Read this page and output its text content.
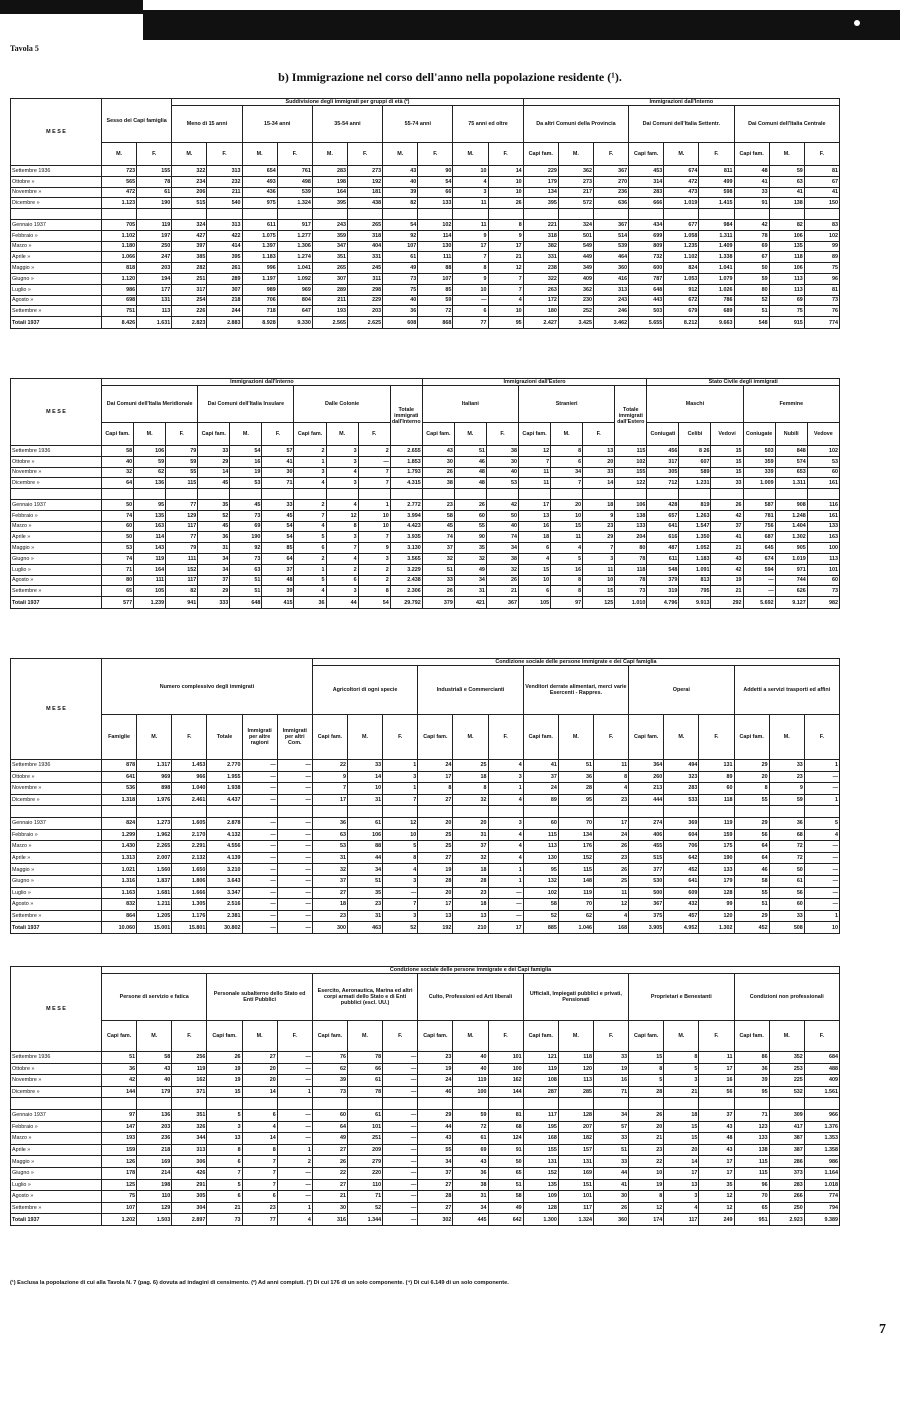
Tavola 5
b) Immigrazione nel corso dell'anno nella popolazione residente (¹).
M E S E	Sesso dei Capi famiglia		Suddivisione degli immigrati per gruppi di età (²)										Immigrazioni dall'Interno								
			Meno di 15 anni		15-34 anni		35-54 anni		55-74 anni		75 anni ed oltre		Da altri Comuni della Provincia			Dai Comuni dell'Italia Settentr.			Dai Comuni dell'Italia Centrale		
	M.	F.	M.	F.	M.	F.	M.	F.	M.	F.	M.	F.	Capi fam.	M.	F.	Capi fam.	M.	F.	Capi fam.	M.	F.
Settembre 1936	723	155	322	313	654	761	283	273	43	90	10	14	229	362	367	453	674	811	48	59	81
Ottobre »	565	78	234	232	493	498	198	192	40	54	4	10	179	273	270	314	472	499	41	63	67
Novembre »	472	61	206	211	436	539	164	181	39	66	3	10	134	217	236	283	473	598	33	41	41
Dicembre »	1.123	190	515	540	975	1.324	395	438	82	133	11	26	395	572	636	666	1.019	1.415	91	138	150

Gennaio 1937	705	119	324	313	611	917	243	265	54	102	11	8	221	324	367	434	677	984	42	82	83
Febbraio »	1.102	197	427	422	1.075	1.277	359	318	92	114	9	9	318	501	514	699	1.058	1.311	78	106	102
Marzo »	1.180	250	397	414	1.397	1.306	347	404	107	130	17	17	382	549	539	809	1.235	1.409	69	135	99
Aprile »	1.066	247	385	395	1.183	1.274	351	331	61	111	7	21	331	449	464	732	1.102	1.338	67	118	89
Maggio »	818	203	282	261	996	1.041	265	245	49	88	8	12	238	349	360	600	824	1.041	50	106	75
Giugno »	1.120	194	251	289	1.197	1.092	307	311	73	107	9	7	322	409	416	787	1.053	1.079	59	113	96
Luglio »	986	177	317	307	989	969	289	298	75	85	10	7	263	362	313	648	912	1.026	80	113	81
Agosto »	698	131	254	218	706	804	211	229	40	59	—	4	172	230	243	443	672	786	52	69	73
Settembre »	751	113	226	244	718	647	193	203	36	72	6	10	180	252	246	503	679	689	51	75	76
Totali 1937	8.426	1.631	2.823	2.883	8.928	9.330	2.565	2.625	608	868	77	95	2.427	3.425	3.462	5.655	8.212	9.663	548	915	774
M E S E	Immigrazioni dall'Interno										Immigrazioni dall'Estero							Stato Civile degli immigrati					
	Dai Comuni dell'Italia Meridionale			Dai Comuni dell'Italia Insulare			Dalle Colonie			Totale immigrati dall'Interno	Italiani			Stranieri			Totale immigrati dall'Estero	Maschi			Femmine		
	Capi fam.	M.	F.	Capi fam.	M.	F.	Capi fam.	M.	F.		Capi fam.	M.	F.	Capi fam.	M.	F.		Coniugati	Celibi	Vedovi	Coniugate	Nubili	Vedove
Settembre 1936	58	106	79	33	54	57	2	3	2	2.655	43	51	38	12	8	13	115	456	8 26	15	503	848	102
Ottobre »	40	59	59	29	16	41	1	3	—	1.853	30	46	30	7	6	20	102	317	607	15	359	574	53
Novembre »	32	62	55	14	19	30	3	4	7	1.793	26	48	40	11	34	33	155	305	589	15	339	653	60
Dicembre »	64	136	115	45	53	71	4	3	7	4.315	38	48	53	11	7	14	122	712	1.231	33	1.009	1.311	161

Gennaio 1937	50	95	77	35	45	33	2	4	1	2.772	23	26	42	17	20	18	106	428	819	26	587	908	116
Febbraio »	74	135	129	52	73	45	7	12	10	3.994	58	60	50	13	10	9	138	657	1.263	42	781	1.248	161
Marzo »	60	163	117	45	69	54	4	8	10	4.423	45	55	40	16	15	23	133	641	1.547	37	756	1.404	133
Aprile »	50	114	77	36	190	54	5	3	7	3.935	74	90	74	18	11	29	204	616	1.350	41	687	1.302	163
Maggio »	53	143	79	31	92	85	6	7	9	3.130	37	35	34	6	4	7	80	487	1.052	21	645	905	100
Giugno »	74	119	111	34	73	64	2	4	3	3.565	32	32	38	4	5	3	78	611	1.183	43	674	1.019	113
Luglio »	71	164	152	34	63	37	1	2	2	3.229	51	49	32	15	16	11	118	548	1.091	42	594	971	101
Agosto »	80	111	117	37	51	48	5	6	2	2.438	33	34	26	10	8	10	78	379	813	19	—	744	60
Settembre »	65	105	82	29	51	39	4	3	8	2.306	26	31	21	6	8	15	73	319	795	21	—	626	73
Totali 1937	577	1.239	941	333	648	415	36	44	54	29.792	379	421	367	105	97	125	1.010	4.796	9.913	292	5.692	9.127	982
M E S E	Numero complessivo degli immigrati						Condizione sociale delle persone immigrate e dei Capi famiglia														
							Agricoltori di ogni specie			Industriali e Commercianti			Venditori derrate alimentari, merci varie Esercenti - Rappres.			Operai			Addetti a servizi trasporti ed affini		
	Famiglie	M.	F.	Totale	Immigrati per altre ragioni	Immigrati per altri Com.	Capi fam.	M.	F.	Capi fam.	M.	F.	Capi fam.	M.	F.	Capi fam.	M.	F.	Capi fam.	M.	F.
Settembre 1936	878	1.317	1.453	2.770	—	—	22	33	1	24	25	4	41	51	11	364	494	131	29	33	1
Ottobre »	641	969	966	1.955	—	—	9	14	3	17	18	3	37	36	8	260	323	89	20	23	—
Novembre »	536	898	1.040	1.938	—	—	7	10	1	8	8	1	24	28	4	213	283	60	8	9	—
Dicembre »	1.318	1.976	2.461	4.437	—	—	17	31	7	27	32	4	89	95	23	444	533	118	55	59	1

Gennaio 1937	824	1.273	1.605	2.878	—	—	36	61	12	20	20	3	60	70	17	274	369	119	29	36	5
Febbraio »	1.299	1.962	2.170	4.132	—	—	63	106	10	25	31	4	115	134	24	406	604	159	56	68	4
Marzo »	1.430	2.265	2.291	4.556	—	—	53	88	5	25	37	4	113	176	26	455	706	175	64	72	—
Aprile »	1.313	2.007	2.132	4.139	—	—	31	44	8	27	32	4	130	152	23	515	642	190	64	72	—
Maggio »	1.021	1.560	1.650	3.210	—	—	32	34	4	19	18	1	95	115	26	377	452	133	46	50	—
Giugno »	1.316	1.837	1.806	3.643	—	—	37	51	3	28	28	1	132	148	25	530	641	179	58	61	—
Luglio »	1.163	1.681	1.666	3.347	—	—	27	35	—	20	23	—	102	119	11	500	609	128	55	56	—
Agosto »	832	1.211	1.305	2.516	—	—	18	23	7	17	18	—	58	70	12	367	432	99	51	60	—
Settembre »	864	1.205	1.176	2.381	—	—	23	31	3	13	13	—	52	62	4	375	457	120	29	33	1
Totali 1937	10.060	15.001	15.801	30.802	—	—	300	463	52	192	210	17	885	1.046	168	3.905	4.952	1.302	452	508	10
M E S E	Condizione sociale delle persone immigrate e dei Capi famiglia																				
	Persone di servizio e fatica			Personale subalterno dello Stato ed Enti Pubblici			Esercito, Aeronautica, Marina ed altri corpi armati dello Stato e di Enti pubblici (escl. UU.)			Culto, Professioni ed Arti liberali			Ufficiali, Impiegati pubblici e privati, Pensionati			Proprietari e Benestanti			Condizioni non professionali		
	Capi fam.	M.	F.	Capi fam.	M.	F.	Capi fam.	M.	F.	Capi fam.	M.	F.	Capi fam.	M.	F.	Capi fam.	M.	F.	Capi fam.	M.	F.
Settembre 1936	51	58	256	26	27	—	76	78	—	23	40	101	121	118	33	15	8	11	86	352	684
Ottobre »	36	43	119	19	20	—	62	66	—	19	40	100	119	120	19	8	5	17	36	253	488
Novembre »	42	40	162	19	20	—	39	61	—	24	119	162	108	113	16	5	3	16	39	225	409
Dicembre »	144	179	371	15	14	1	73	78	—	46	100	144	287	285	71	28	21	56	95	532	1.561

Gennaio 1937	97	136	351	5	6	—	60	61	—	29	59	81	117	128	34	26	18	37	71	309	966
Febbraio »	147	203	326	3	4	—	64	101	—	44	72	68	195	207	57	20	15	43	123	417	1.376
Marzo »	193	236	344	13	14	—	49	251	—	43	61	124	168	182	33	21	15	48	133	387	1.353
Aprile »	159	218	313	8	8	1	27	209	—	55	69	91	155	157	51	23	20	43	138	387	1.358
Maggio »	126	169	306	6	7	2	26	279	—	34	43	50	131	131	33	22	14	17	115	286	986
Giugno »	178	214	426	7	7	—	22	220	—	37	36	65	152	169	44	10	17	17	115	373	1.164
Luglio »	125	198	291	5	7	—	27	110	—	27	38	51	135	151	41	19	13	35	96	283	1.018
Agosto »	75	110	305	6	6	—	21	71	—	28	31	58	109	101	30	8	3	12	70	266	774
Settembre »	107	129	304	21	23	1	30	52	—	27	34	49	128	117	26	12	4	12	65	250	794
Totali 1937	1.202	1.503	2.897	73	77	4	316	1.344	—	302	445	642	1.300	1.324	360	174	117	249	951	2.923	9.389
(¹) Esclusa la popolazione di cui alla Tavola N. 7 (pag. 6) dovuta ad indagini di censimento. (²) Ad anni compiuti. (³) Di cui 176 di un solo componente. (⁴) Di cui 6.149 di un solo componente.
7
